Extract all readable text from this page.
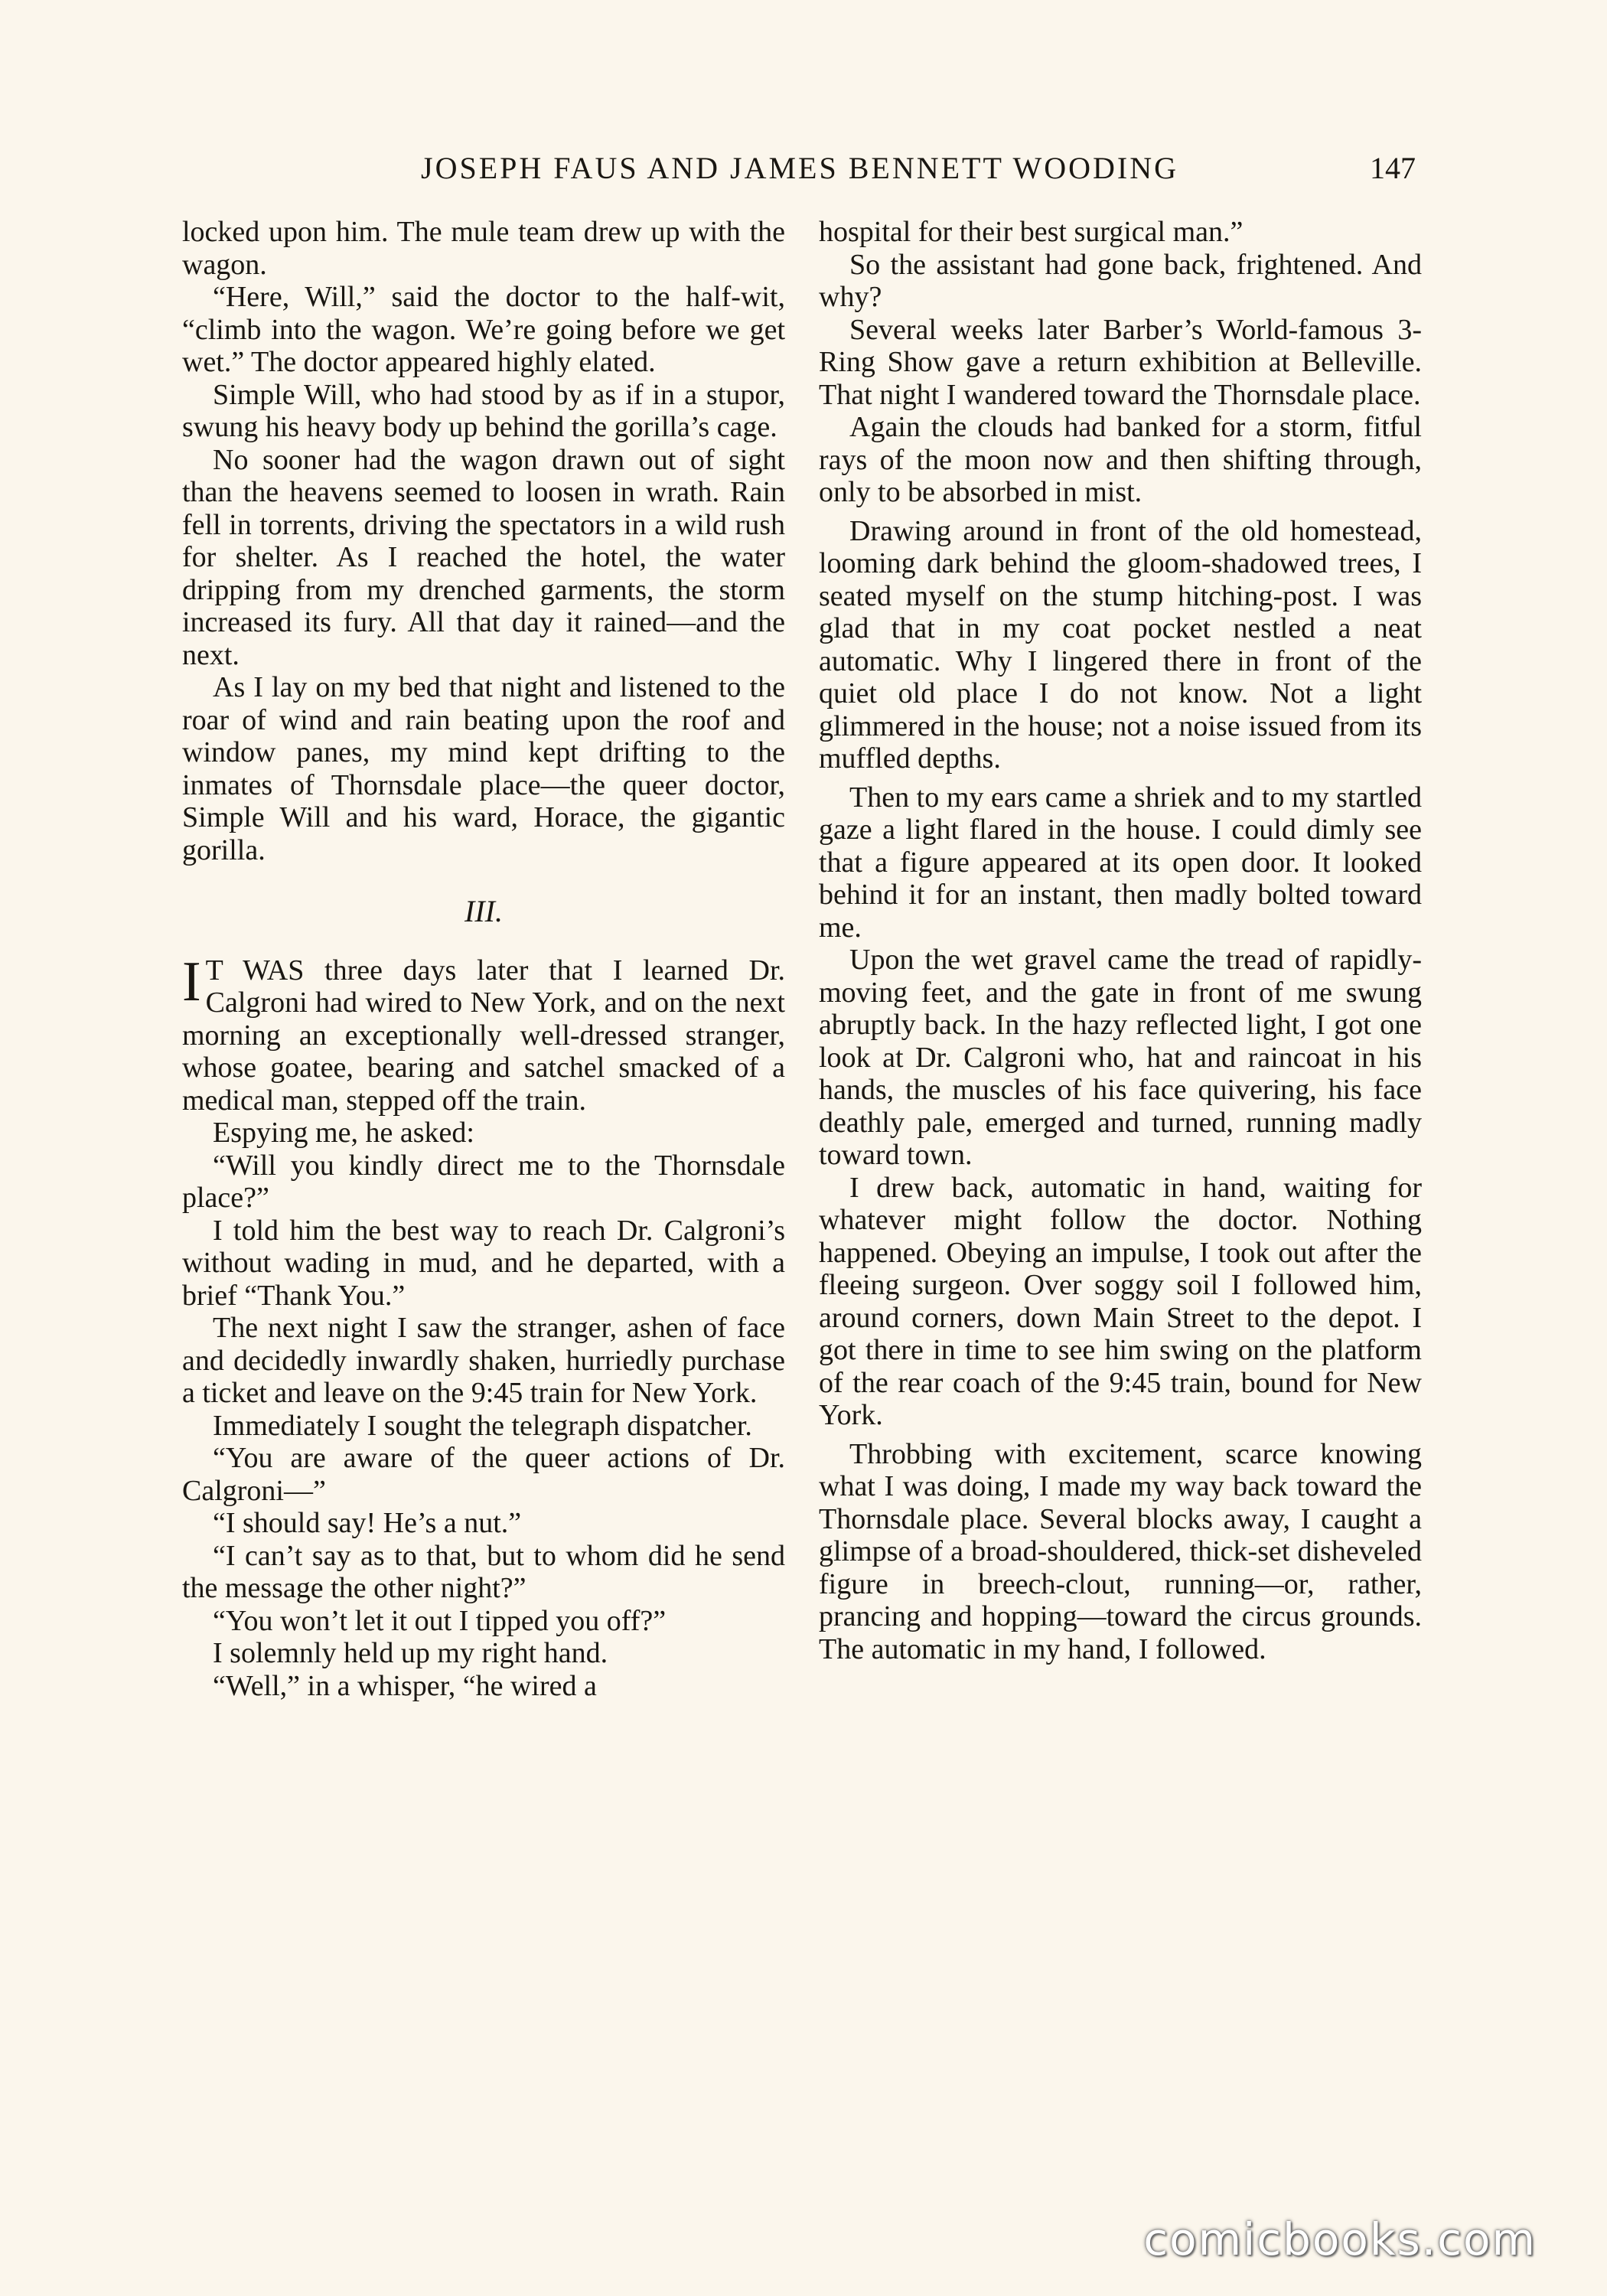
JOSEPH FAUS AND JAMES BENNETT WOODING	147

locked upon him. The mule team drew up with the wagon.

“Here, Will,” said the doctor to the half-wit, “climb into the wagon. We’re going before we get wet.” The doctor appeared highly elated.

Simple Will, who had stood by as if in a stupor, swung his heavy body up behind the gorilla’s cage.

No sooner had the wagon drawn out of sight than the heavens seemed to loosen in wrath. Rain fell in torrents, driving the spectators in a wild rush for shelter. As I reached the hotel, the water dripping from my drenched garments, the storm increased its fury. All that day it rained—and the next.

As I lay on my bed that night and listened to the roar of wind and rain beating upon the roof and window panes, my mind kept drifting to the inmates of Thornsdale place—the queer doctor, Simple Will and his ward, Horace, the gigantic gorilla.

III.

I T WAS three days later that I learned Dr. Calgroni had wired to New York, and on the next morning an exceptionally well-dressed stranger, whose goatee, bearing and satchel smacked of a medical man, stepped off the train.

Espying me, he asked:

“Will you kindly direct me to the Thornsdale place?”

I told him the best way to reach Dr. Calgroni’s without wading in mud, and he departed, with a brief “Thank You.”

The next night I saw the stranger, ashen of face and decidedly inwardly shaken, hurriedly purchase a ticket and leave on the 9:45 train for New York.

Immediately I sought the telegraph dispatcher.

“You are aware of the queer actions of Dr. Calgroni—”

“I should say! He’s a nut.”

“I can’t say as to that, but to whom did he send the message the other night?”

“You won’t let it out I tipped you off?”

I solemnly held up my right hand.

“Well,” in a whisper, “he wired a

hospital for their best surgical man.”

So the assistant had gone back, frightened. And why?

Several weeks later Barber’s World-famous 3-Ring Show gave a return exhibition at Belleville. That night I wandered toward the Thornsdale place.

Again the clouds had banked for a storm, fitful rays of the moon now and then shifting through, only to be absorbed in mist.

Drawing around in front of the old homestead, looming dark behind the gloom-shadowed trees, I seated myself on the stump hitching-post. I was glad that in my coat pocket nestled a neat automatic. Why I lingered there in front of the quiet old place I do not know. Not a light glimmered in the house; not a noise issued from its muffled depths.

Then to my ears came a shriek and to my startled gaze a light flared in the house. I could dimly see that a figure appeared at its open door. It looked behind it for an instant, then madly bolted toward me.

Upon the wet gravel came the tread of rapidly-moving feet, and the gate in front of me swung abruptly back. In the hazy reflected light, I got one look at Dr. Calgroni who, hat and raincoat in his hands, the muscles of his face quivering, his face deathly pale, emerged and turned, running madly toward town.

I drew back, automatic in hand, waiting for whatever might follow the doctor. Nothing happened. Obeying an impulse, I took out after the fleeing surgeon. Over soggy soil I followed him, around corners, down Main Street to the depot. I got there in time to see him swing on the platform of the rear coach of the 9:45 train, bound for New York.

Throbbing with excitement, scarce knowing what I was doing, I made my way back toward the Thornsdale place. Several blocks away, I caught a glimpse of a broad-shouldered, thick-set disheveled figure in breech-clout, running—or, rather, prancing and hopping—toward the circus grounds. The automatic in my hand, I followed.

comicbooks.com
